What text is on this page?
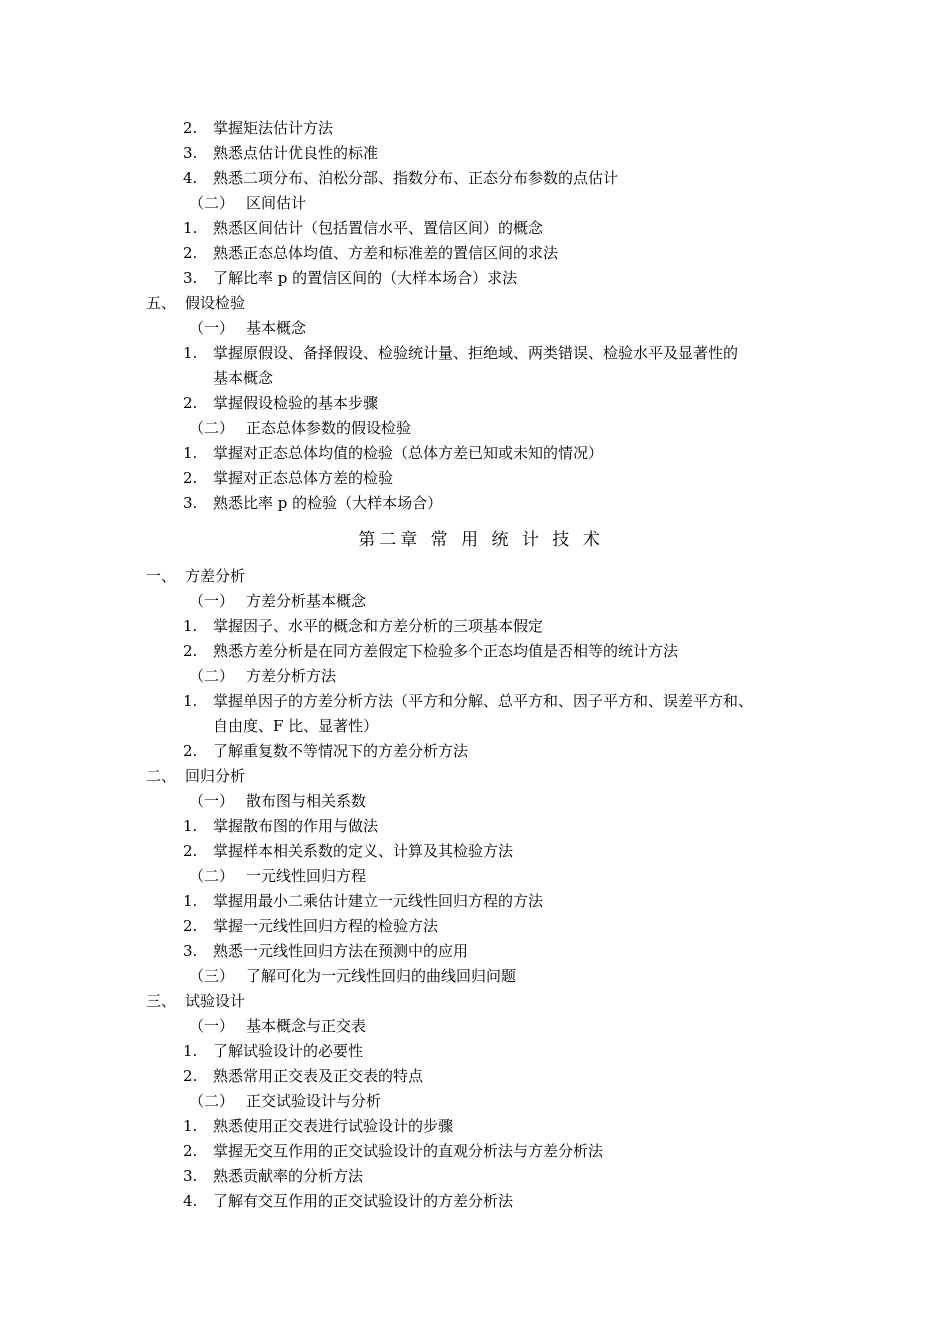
2. 掌握矩法估计方法
3. 熟悉点估计优良性的标准
4. 熟悉二项分布、泊松分部、指数分布、正态分布参数的点估计
（二） 区间估计
1. 熟悉区间估计（包括置信水平、置信区间）的概念
2. 熟悉正态总体均值、方差和标准差的置信区间的求法
3. 了解比率 p 的置信区间的（大样本场合）求法
五、 假设检验
（一） 基本概念
1. 掌握原假设、备择假设、检验统计量、拒绝域、两类错误、检验水平及显著性的
基本概念
2. 掌握假设检验的基本步骤
（二） 正态总体参数的假设检验
1. 掌握对正态总体均值的检验（总体方差已知或未知的情况）
2. 掌握对正态总体方差的检验
3. 熟悉比率 p 的检验（大样本场合）
第二章 常 用 统 计 技 术
一、 方差分析
（一） 方差分析基本概念
1. 掌握因子、水平的概念和方差分析的三项基本假定
2. 熟悉方差分析是在同方差假定下检验多个正态均值是否相等的统计方法
（二） 方差分析方法
1. 掌握单因子的方差分析方法（平方和分解、总平方和、因子平方和、误差平方和、
自由度、F 比、显著性）
2. 了解重复数不等情况下的方差分析方法
二、 回归分析
（一） 散布图与相关系数
1. 掌握散布图的作用与做法
2. 掌握样本相关系数的定义、计算及其检验方法
（二） 一元线性回归方程
1. 掌握用最小二乘估计建立一元线性回归方程的方法
2. 掌握一元线性回归方程的检验方法
3. 熟悉一元线性回归方法在预测中的应用
（三） 了解可化为一元线性回归的曲线回归问题
三、 试验设计
（一） 基本概念与正交表
1. 了解试验设计的必要性
2. 熟悉常用正交表及正交表的特点
（二） 正交试验设计与分析
1. 熟悉使用正交表进行试验设计的步骤
2. 掌握无交互作用的正交试验设计的直观分析法与方差分析法
3. 熟悉贡献率的分析方法
4. 了解有交互作用的正交试验设计的方差分析法
